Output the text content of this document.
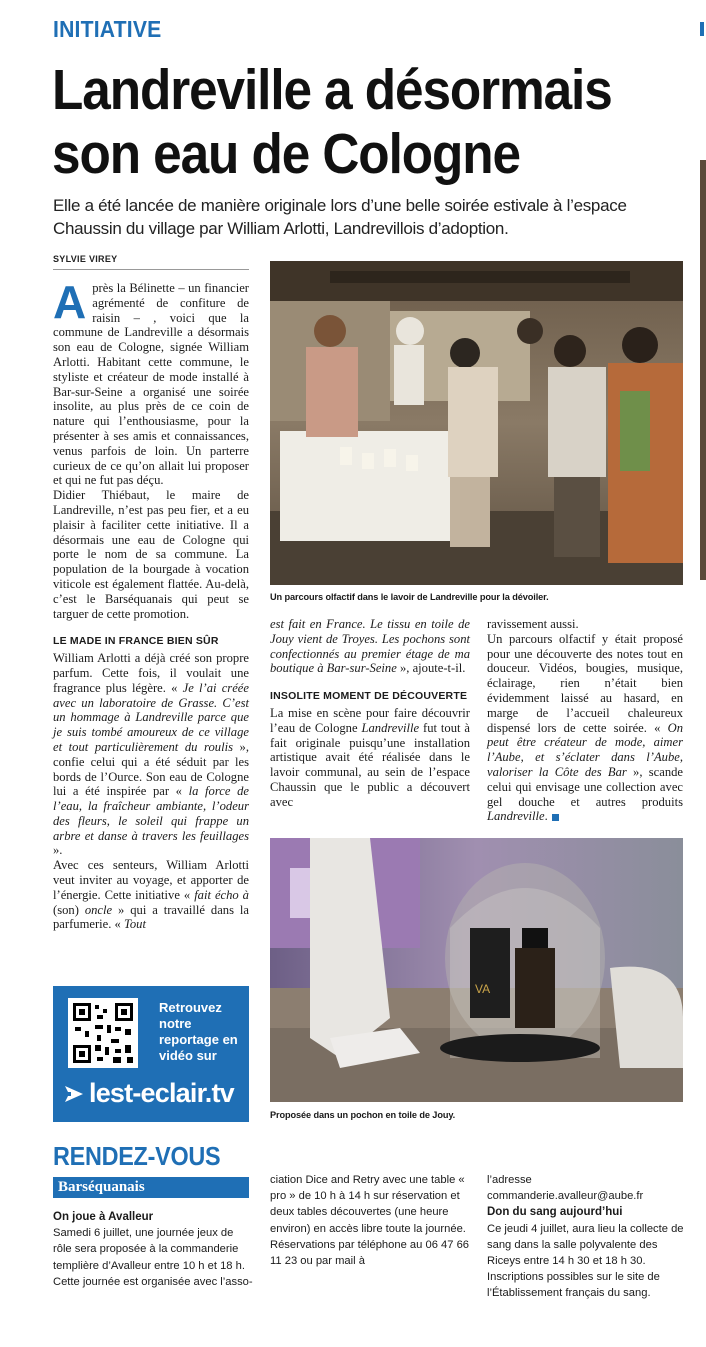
INITIATIVE
Landreville a désormais
son eau de Cologne
Elle a été lancée de manière originale lors d’une belle soirée estivale à l’espace Chaussin du village par William Arlotti, Landrevillois d’adoption.
SYLVIE VIREY

Après la Bélinette – un financier agrémenté de confiture de raisin – , voici que la commune de Landreville a désormais son eau de Cologne, signée William Arlotti. Habitant cette commune, le styliste et créateur de mode installé à Bar-sur-Seine a organisé une soirée insolite, au plus près de ce coin de nature qui l’enthousiasme, pour la présenter à ses amis et connaissances, venus parfois de loin. Un parterre curieux de ce qu’on allait lui proposer et qui ne fut pas déçu.

Didier Thiébaut, le maire de Landreville, n’est pas peu fier, et a eu plaisir à faciliter cette initiative. Il a désormais une eau de Cologne qui porte le nom de sa commune. La population de la bourgade à vocation viticole est également flattée. Au-delà, c’est le Barséquanais qui peut se targuer de cette promotion.

LE MADE IN FRANCE BIEN SÛR

William Arlotti a déjà créé son propre parfum. Cette fois, il voulait une fragrance plus légère. « Je l’ai créée avec un laboratoire de Grasse. C’est un hommage à Landreville parce que je suis tombé amoureux de ce village et tout particulièrement du roulis », confie celui qui a été séduit par les bords de l’Ource. Son eau de Cologne lui a été inspirée par « la force de l’eau, la fraîcheur ambiante, l’odeur des fleurs, le soleil qui frappe un arbre et danse à travers les feuillages ».

Avec ces senteurs, William Arlotti veut inviter au voyage, et apporter de l’énergie. Cette initiative « fait écho à (son) oncle » qui a travaillé dans la parfumerie. « Tout

Un parcours olfactif dans le lavoir de Landreville pour la dévoiler.

est fait en France. Le tissu en toile de Jouy vient de Troyes. Les pochons sont confectionnés au premier étage de ma boutique à Bar-sur-Seine », ajoute-t-il.

INSOLITE MOMENT DE DÉCOUVERTE

La mise en scène pour faire découvrir l’eau de Cologne Landreville fut tout à fait originale puisqu’une installation artistique avait été réalisée dans le lavoir communal, au sein de l’espace Chaussin que le public a découvert avec

ravissement aussi.

Un parcours olfactif y était proposé pour une découverte des notes tout en douceur. Vidéos, bougies, musique, éclairage, rien n’était bien évidemment laissé au hasard, en marge de l’accueil chaleureux dispensé lors de cette soirée. « On peut être créateur de mode, aimer l’Aube, et s’éclater dans l’Aube, valoriser la Côte des Bar », scande celui qui envisage une collection avec gel douche et autres produits Landreville.

VA
Proposée dans un pochon en toile de Jouy.
Retrouvez notre reportage en vidéo sur
lest-eclair.tv
RENDEZ-VOUS
Barséquanais
On joue à Avalleur
Samedi 6 juillet, une journée jeux de rôle sera proposée à la commanderie templière d’Avalleur entre 10 h et 18 h. Cette journée est organisée avec l’asso-
ciation Dice and Retry avec une table « pro » de 10 h à 14 h sur réservation et deux tables découvertes (une heure environ) en accès libre toute la journée.
Réservations par téléphone au 06 47 66 11 23 ou par mail à
l’adresse commanderie.avalleur@aube.fr
Don du sang aujourd’hui
Ce jeudi 4 juillet, aura lieu la collecte de sang dans la salle polyvalente des Riceys entre 14 h 30 et 18 h 30. Inscriptions possibles sur le site de l’Établissement français du sang.
